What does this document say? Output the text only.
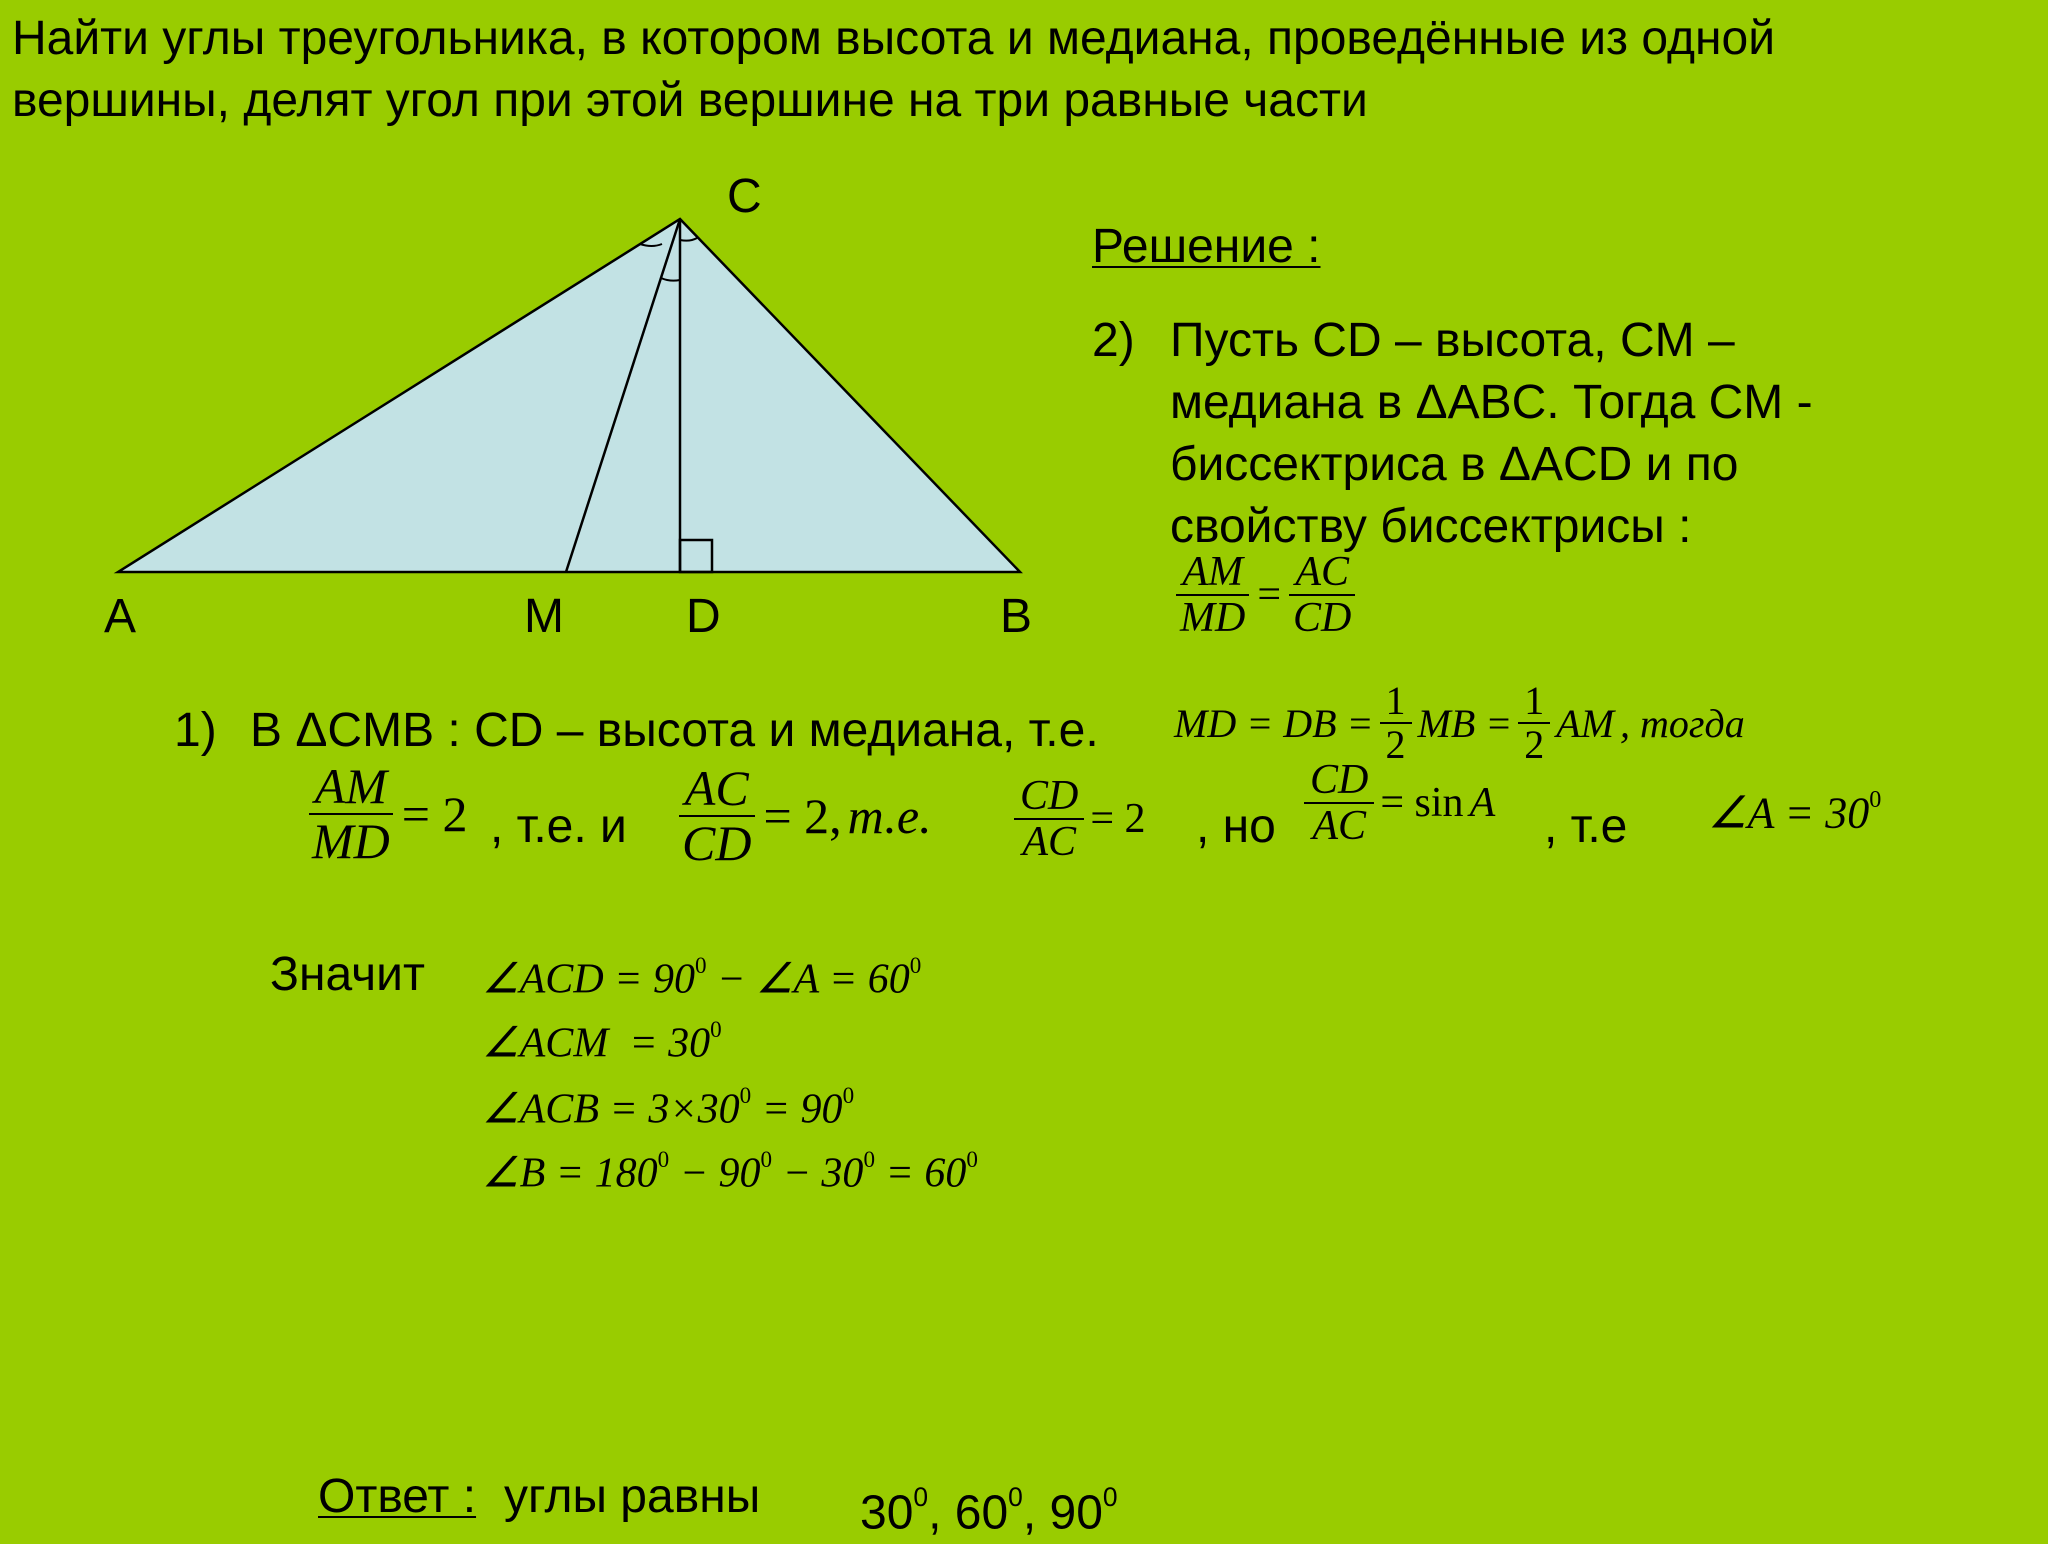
Найти углы треугольника, в котором высота и медиана, проведённые из одной
вершины, делят угол при этой вершине на три равные части
C
A	M	D	B
Решение :
2) Пусть CD – высота, CM –
медиана в ΔABC. Тогда CM -
биссектриса в ΔACD и по
свойству биссектрисы :
$\frac{AM}{MD} = \frac{AC}{CD}$
1) В ΔCMB : CD – высота и медиана, т.е. MD = DB = $\frac{1}{2}$ MB = $\frac{1}{2}$ AM , тогда
$\frac{AM}{MD} = 2$ , т.е. и $\frac{AC}{CD} = 2$, т.е. $\frac{CD}{AC} = 2$ , но $\frac{CD}{AC} = \sin A$ , т.е ∠A = $30^0$
Значит ∠ACD = $90^0$ − ∠A = $60^0$
∠ACM  = $30^0$
∠ACB = $3\times 30^0 = 90^0$
∠B = $180^0 - 90^0 - 30^0 = 60^0$
Ответ : углы равны $30^0$, $60^0$, $90^0$
